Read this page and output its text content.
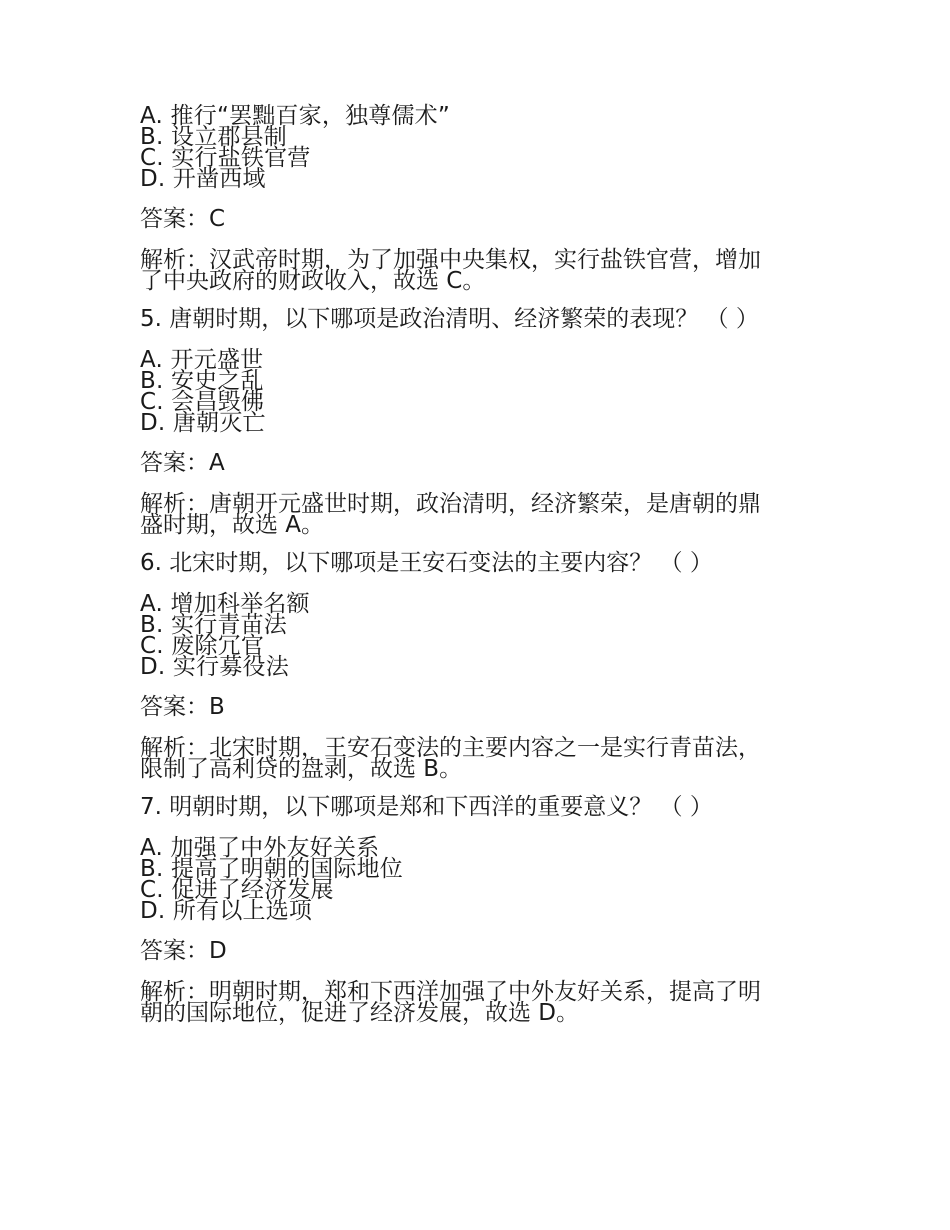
A. 推行“罢黜百家，独尊儒术”
B. 设立郡县制
C. 实行盐铁官营
D. 开凿西域
答案：C
解析：汉武帝时期，为了加强中央集权，实行盐铁官营，增加
了中央政府的财政收入，故选 C。
5. 唐朝时期，以下哪项是政治清明、经济繁荣的表现？ （ ）
A. 开元盛世
B. 安史之乱
C. 会昌毁佛
D. 唐朝灭亡
答案：A
解析：唐朝开元盛世时期，政治清明，经济繁荣，是唐朝的鼎
盛时期，故选 A。
6. 北宋时期，以下哪项是王安石变法的主要内容？ （ ）
A. 增加科举名额
B. 实行青苗法
C. 废除冗官
D. 实行募役法
答案：B
解析：北宋时期，王安石变法的主要内容之一是实行青苗法，
限制了高利贷的盘剥，故选 B。
7. 明朝时期，以下哪项是郑和下西洋的重要意义？ （ ）
A. 加强了中外友好关系
B. 提高了明朝的国际地位
C. 促进了经济发展
D. 所有以上选项
答案：D
解析：明朝时期，郑和下西洋加强了中外友好关系，提高了明
朝的国际地位，促进了经济发展，故选 D。
